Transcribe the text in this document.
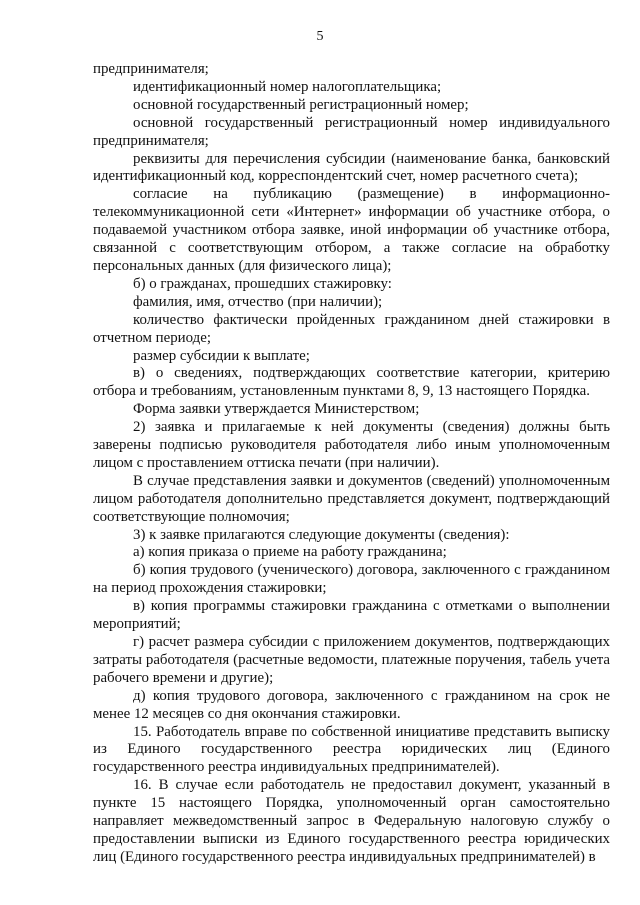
5

предпринимателя;

идентификационный номер налогоплательщика;

основной государственный регистрационный номер;

основной государственный регистрационный номер индивидуального предпринимателя;

реквизиты для перечисления субсидии (наименование банка, банковский идентификационный код, корреспондентский счет, номер расчетного счета);

согласие на публикацию (размещение) в информационно-телекоммуникационной сети «Интернет» информации об участнике отбора, о подаваемой участником отбора заявке, иной информации об участнике отбора, связанной с соответствующим отбором, а также согласие на обработку персональных данных (для физического лица);

б) о гражданах, прошедших стажировку:

фамилия, имя, отчество (при наличии);

количество фактически пройденных гражданином дней стажировки в отчетном периоде;

размер субсидии к выплате;

в) о сведениях, подтверждающих соответствие категории, критерию отбора и требованиям, установленным пунктами 8, 9, 13 настоящего Порядка.

Форма заявки утверждается Министерством;

2) заявка и прилагаемые к ней документы (сведения) должны быть заверены подписью руководителя работодателя либо иным уполномоченным лицом с проставлением оттиска печати (при наличии).

В случае представления заявки и документов (сведений) уполномоченным лицом работодателя дополнительно представляется документ, подтверждающий соответствующие полномочия;

3) к заявке прилагаются следующие документы (сведения):

а) копия приказа о приеме на работу гражданина;

б) копия трудового (ученического) договора, заключенного с гражданином на период прохождения стажировки;

в) копия программы стажировки гражданина с отметками о выполнении мероприятий;

г) расчет размера субсидии с приложением документов, подтверждающих затраты работодателя (расчетные ведомости, платежные поручения, табель учета рабочего времени и другие);

д) копия трудового договора, заключенного с гражданином на срок не менее 12 месяцев со дня окончания стажировки.

15. Работодатель вправе по собственной инициативе представить выписку из Единого государственного реестра юридических лиц (Единого государственного реестра индивидуальных предпринимателей).

16. В случае если работодатель не предоставил документ, указанный в пункте 15 настоящего Порядка, уполномоченный орган самостоятельно направляет межведомственный запрос в Федеральную налоговую службу о предоставлении выписки из Единого государственного реестра юридических лиц (Единого государственного реестра индивидуальных предпринимателей) в
